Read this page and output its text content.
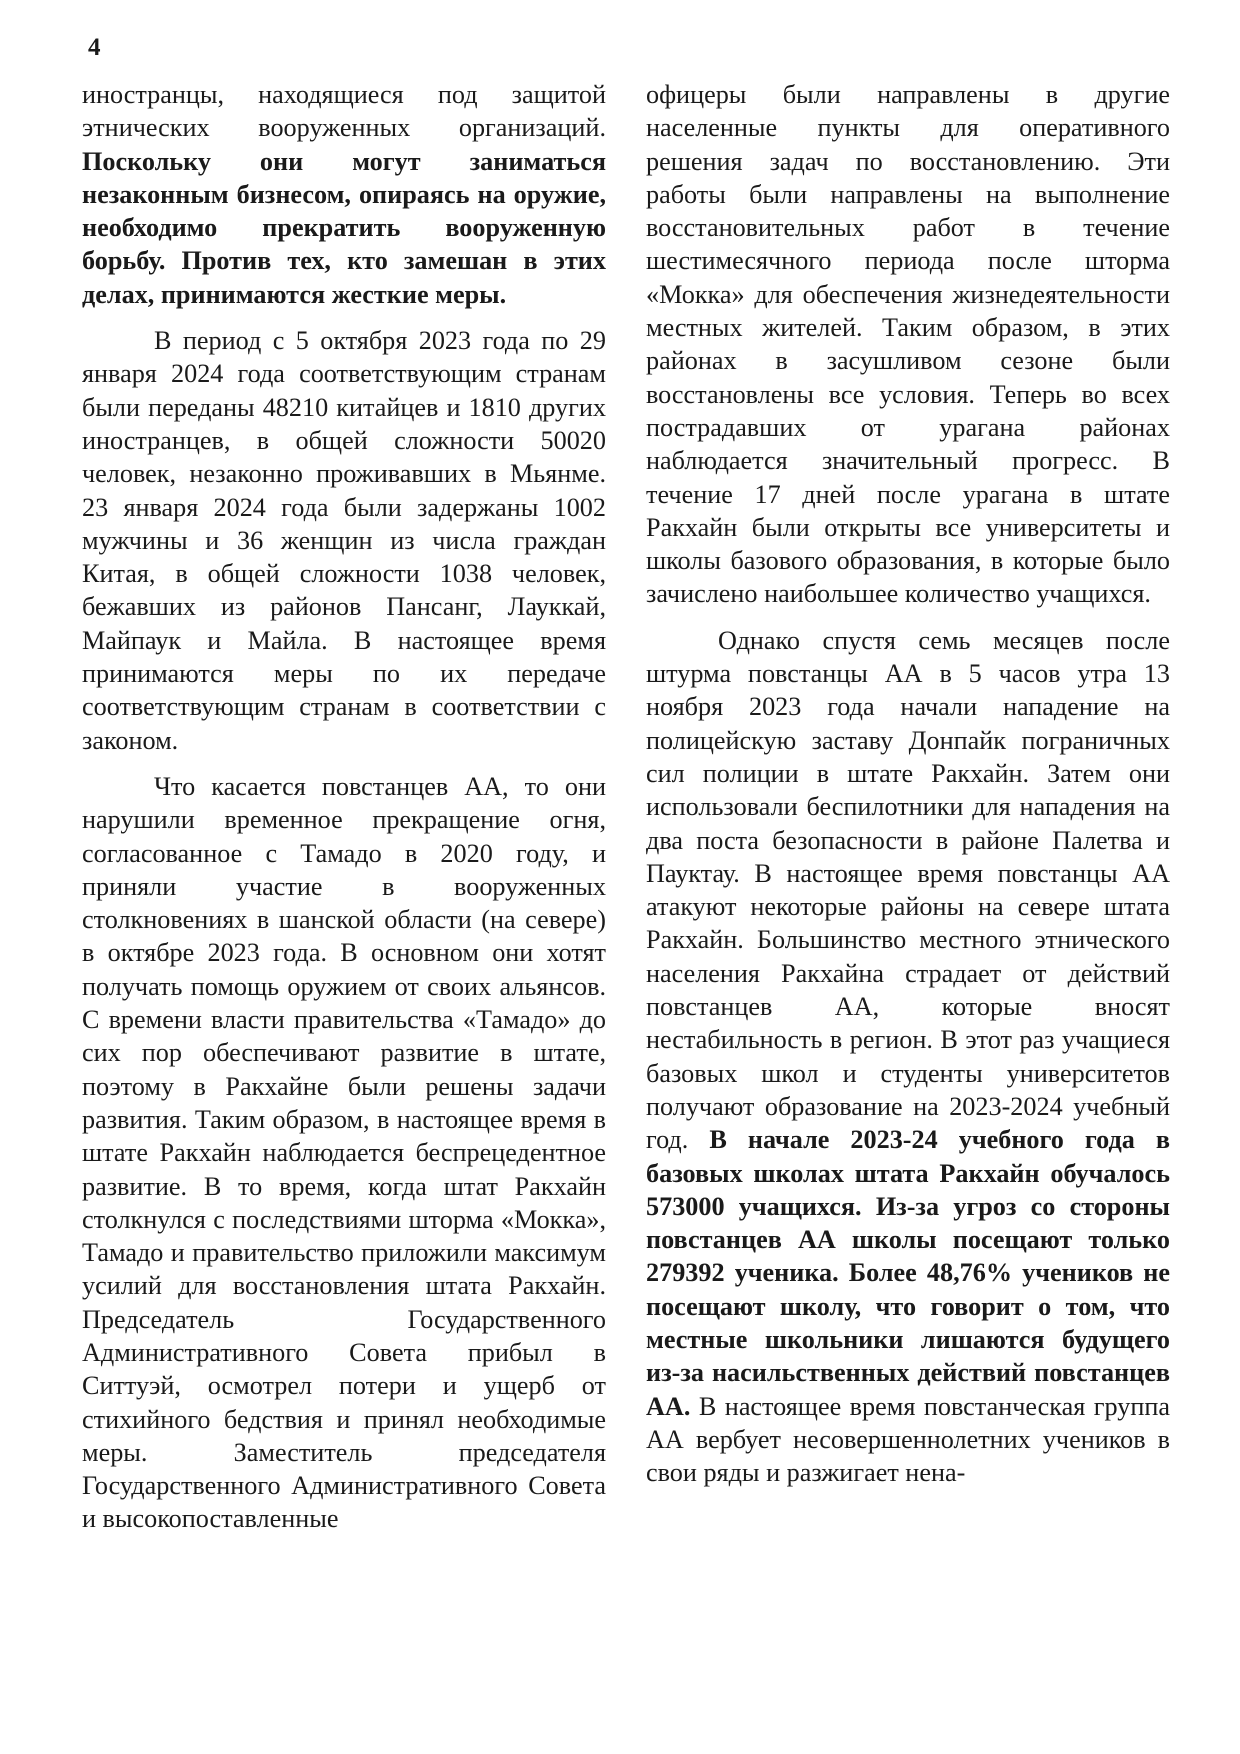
4

иностранцы, находящиеся под защитой этнических вооруженных организаций. Поскольку они могут заниматься незаконным бизнесом, опираясь на оружие, необходимо прекратить вооруженную борьбу. Против тех, кто замешан в этих делах, принимаются жесткие меры.

В период с 5 октября 2023 года по 29 января 2024 года соответствующим странам были переданы 48210 китайцев и 1810 других иностранцев, в общей сложности 50020 человек, незаконно проживавших в Мьянме. 23 января 2024 года были задержаны 1002 мужчины и 36 женщин из числа граждан Китая, в общей сложности 1038 человек, бежавших из районов Пансанг, Лауккай, Майпаук и Майла. В настоящее время принимаются меры по их передаче соответствующим странам в соответствии с законом.

Что касается повстанцев АА, то они нарушили временное прекращение огня, согласованное с Тамадо в 2020 году, и приняли участие в вооруженных столкновениях в шанской области (на севере) в октябре 2023 года. В основном они хотят получать помощь оружием от своих альянсов. С времени власти правительства «Тамадо» до сих пор обеспечивают развитие в штате, поэтому в Ракхайне были решены задачи развития. Таким образом, в настоящее время в штате Ракхайн наблюдается беспрецедентное развитие. В то время, когда штат Ракхайн столкнулся с последствиями шторма «Мокка», Тамадо и правительство приложили максимум усилий для восстановления штата Ракхайн. Председатель Государственного Административного Совета прибыл в Ситтуэй, осмотрел потери и ущерб от стихийного бедствия и принял необходимые меры. Заместитель председателя Государственного Административного Совета и высокопоставленные

офицеры были направлены в другие населенные пункты для оперативного решения задач по восстановлению. Эти работы были направлены на выполнение восстановительных работ в течение шестимесячного периода после шторма «Мокка» для обеспечения жизнедеятельности местных жителей. Таким образом, в этих районах в засушливом сезоне были восстановлены все условия. Теперь во всех пострадавших от урагана районах наблюдается значительный прогресс. В течение 17 дней после урагана в штате Ракхайн были открыты все университеты и школы базового образования, в которые было зачислено наибольшее количество учащихся.

Однако спустя семь месяцев после штурма повстанцы АА в 5 часов утра 13 ноября 2023 года начали нападение на полицейскую заставу Донпайк пограничных сил полиции в штате Ракхайн. Затем они использовали беспилотники для нападения на два поста безопасности в районе Палетва и Пауктау. В настоящее время повстанцы АА атакуют некоторые районы на севере штата Ракхайн. Большинство местного этнического населения Ракхайна страдает от действий повстанцев АА, которые вносят нестабильность в регион. В этот раз учащиеся базовых школ и студенты университетов получают образование на 2023-2024 учебный год. В начале 2023-24 учебного года в базовых школах штата Ракхайн обучалось 573000 учащихся. Из-за угроз со стороны повстанцев АА школы посещают только 279392 ученика. Более 48,76% учеников не посещают школу, что говорит о том, что местные школьники лишаются будущего из-за насильственных действий повстанцев АА. В настоящее время повстанческая группа АА вербует несовершеннолетних учеников в свои ряды и разжигает нена-
